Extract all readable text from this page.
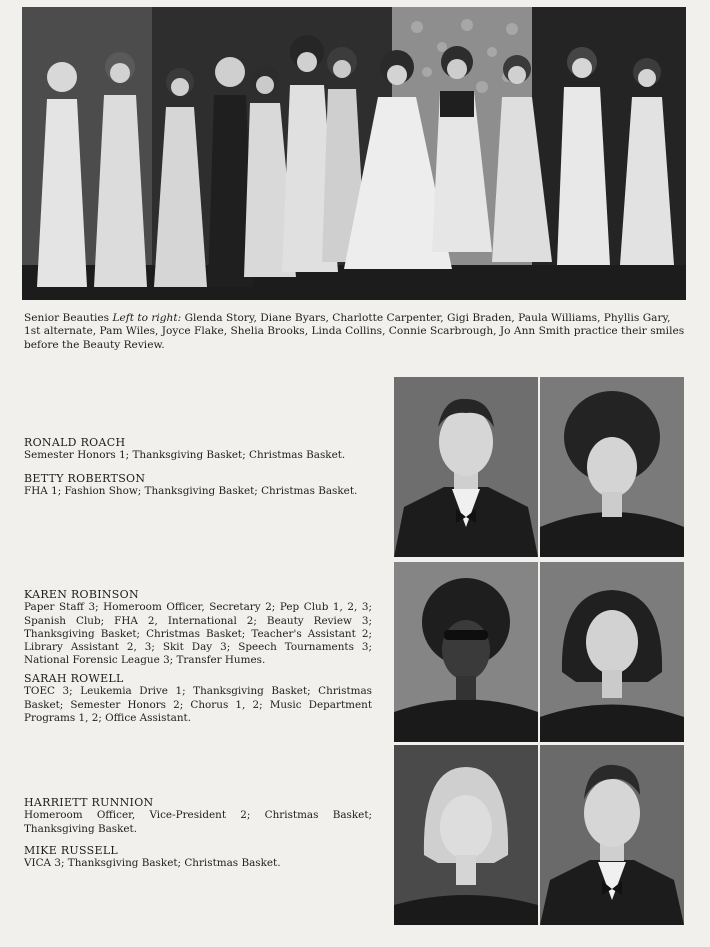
Senior Beauties Left to right: Glenda Story, Diane Byars, Charlotte Carpenter, Gigi Braden, Paula Williams, Phyllis Gary, 1st alternate, Pam Wiles, Joyce Flake, Shelia Brooks, Linda Collins, Connie Scarbrough, Jo Ann Smith practice their smiles before the Beauty Review.

RONALD ROACH
Semester Honors 1; Thanksgiving Basket; Christmas Basket.
BETTY ROBERTSON
FHA 1; Fashion Show; Thanksgiving Basket; Christmas Basket.
KAREN ROBINSON
Paper Staff 3; Homeroom Officer, Secretary 2; Pep Club 1, 2, 3; Spanish Club; FHA 2, International 2; Beauty Review 3; Thanksgiving Basket; Christmas Basket; Teacher's Assistant 2; Library Assistant 2, 3; Skit Day 3; Speech Tournaments 3; National Forensic League 3; Transfer Humes.
SARAH ROWELL
TOEC 3; Leukemia Drive 1; Thanksgiving Basket; Christmas Basket; Semester Honors 2; Chorus 1, 2; Music Department Programs 1, 2; Office Assistant.
HARRIETT RUNNION
Homeroom Officer, Vice-President 2; Christmas Basket; Thanksgiving Basket.
MIKE RUSSELL
VICA 3; Thanksgiving Basket; Christmas Basket.
